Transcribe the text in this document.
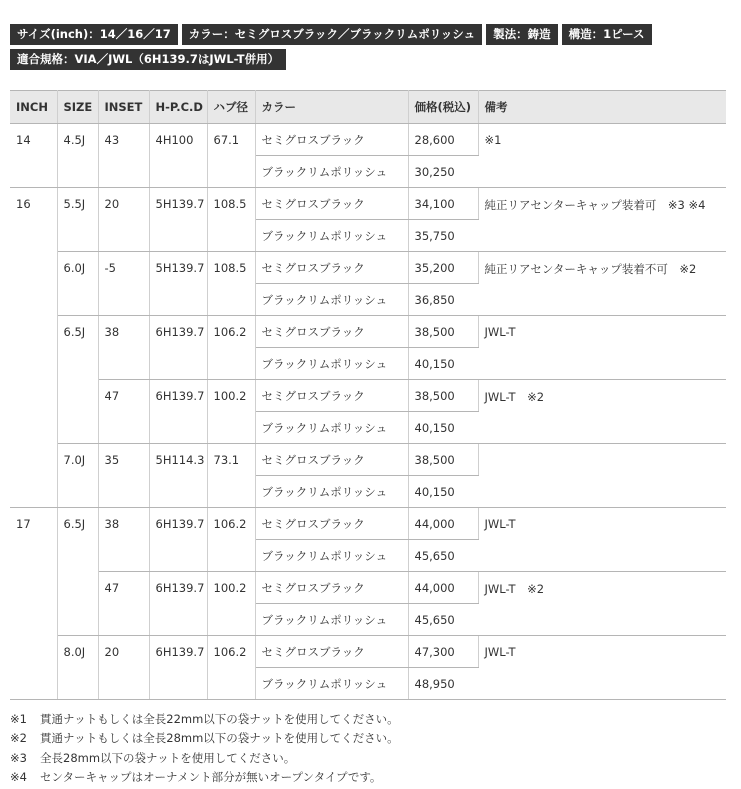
サイズ(inch)：14／16／17	カラー：セミグロスブラック／ブラックリムポリッシュ	製法：鋳造	構造：1ピース
適合規格：VIA／JWL（6H139.7はJWL-T併用）
INCH	SIZE	INSET	H-P.C.D	ハブ径	カラー	価格(税込)	備考
14	4.5J	43	4H100	67.1	セミグロスブラック	28,600	※1
					ブラックリムポリッシュ	30,250	
16	5.5J	20	5H139.7	108.5	セミグロスブラック	34,100	純正リアセンターキャップ装着可　※3 ※4
					ブラックリムポリッシュ	35,750	
	6.0J	-5	5H139.7	108.5	セミグロスブラック	35,200	純正リアセンターキャップ装着不可　※2
					ブラックリムポリッシュ	36,850	
	6.5J	38	6H139.7	106.2	セミグロスブラック	38,500	JWL-T
					ブラックリムポリッシュ	40,150	
		47	6H139.7	100.2	セミグロスブラック	38,500	JWL-T　※2
					ブラックリムポリッシュ	40,150	
	7.0J	35	5H114.3	73.1	セミグロスブラック	38,500	
					ブラックリムポリッシュ	40,150	
17	6.5J	38	6H139.7	106.2	セミグロスブラック	44,000	JWL-T
					ブラックリムポリッシュ	45,650	
		47	6H139.7	100.2	セミグロスブラック	44,000	JWL-T　※2
					ブラックリムポリッシュ	45,650	
	8.0J	20	6H139.7	106.2	セミグロスブラック	47,300	JWL-T
					ブラックリムポリッシュ	48,950	
※1 貫通ナットもしくは全長22mm以下の袋ナットを使用してください。
※2 貫通ナットもしくは全長28mm以下の袋ナットを使用してください。
※3 全長28mm以下の袋ナットを使用してください。
※4 センターキャップはオーナメント部分が無いオープンタイプです。
